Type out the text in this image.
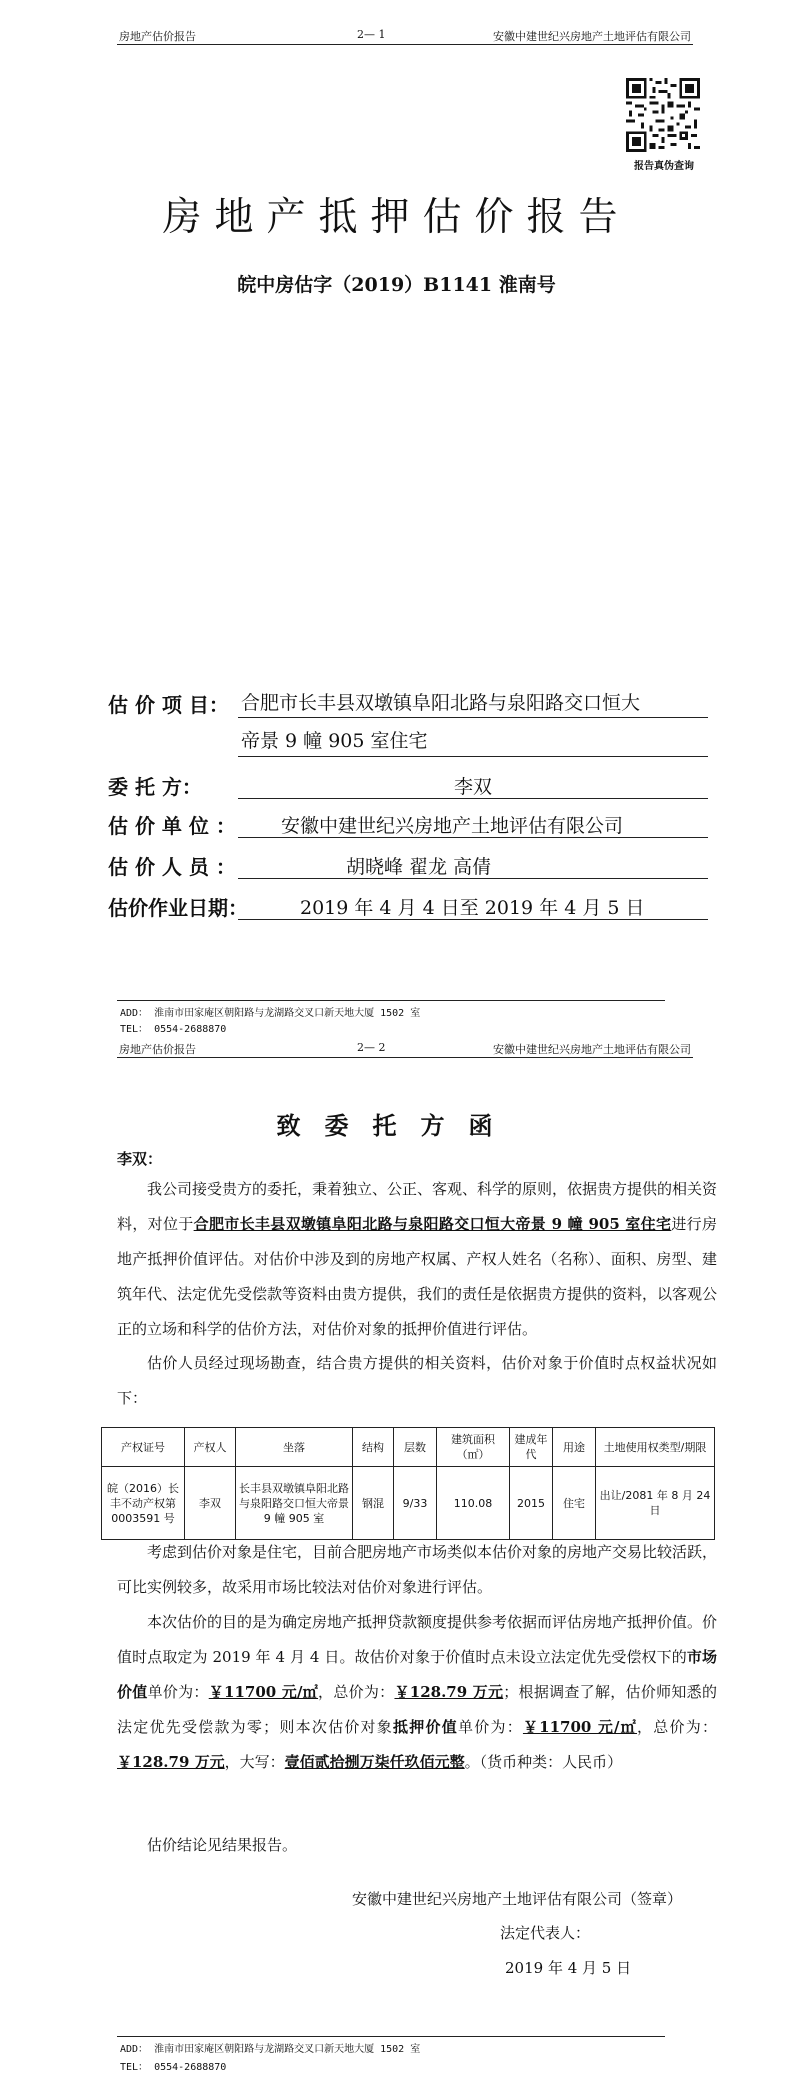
房地产估价报告	2— 1	安徽中建世纪兴房地产土地评估有限公司
报告真伪查询
房地产抵押估价报告
皖中房估字（2019）B1141 淮南号
估 价 项 目： 合肥市长丰县双墩镇阜阳北路与泉阳路交口恒大
帝景 9 幢 905 室住宅
委 托 方：	李双
估 价 单 位 ： 安徽中建世纪兴房地产土地评估有限公司
估 价 人 员 ：	胡晓峰 翟龙 高倩
估价作业日期：	2019 年 4 月 4 日至 2019 年 4 月 5 日
ADD： 淮南市田家庵区朝阳路与龙湖路交叉口新天地大厦 1502 室
TEL： 0554-2688870
房地产估价报告	2— 2	安徽中建世纪兴房地产土地评估有限公司
致委托方函
李双：
我公司接受贵方的委托，秉着独立、公正、客观、科学的原则，依据贵方提供的相关资料，对位于合肥市长丰县双墩镇阜阳北路与泉阳路交口恒大帝景 9 幢 905 室住宅进行房地产抵押价值评估。对估价中涉及到的房地产权属、产权人姓名（名称）、面积、房型、建筑年代、法定优先受偿款等资料由贵方提供，我们的责任是依据贵方提供的资料，以客观公正的立场和科学的估价方法，对估价对象的抵押价值进行评估。
估价人员经过现场勘查，结合贵方提供的相关资料，估价对象于价值时点权益状况如下：
产权证号	产权人	坐落	结构	层数	建筑面积（㎡）	建成年代	用途	土地使用权类型/期限
皖（2016）长丰不动产权第 0003591 号	李双	长丰县双墩镇阜阳北路与泉阳路交口恒大帝景 9 幢 905 室	钢混	9/33	110.08	2015	住宅	出让/2081 年 8 月 24 日
考虑到估价对象是住宅，目前合肥房地产市场类似本估价对象的房地产交易比较活跃，可比实例较多，故采用市场比较法对估价对象进行评估。
本次估价的目的是为确定房地产抵押贷款额度提供参考依据而评估房地产抵押价值。价值时点取定为 2019 年 4 月 4 日。故估价对象于价值时点未设立法定优先受偿权下的市场价值单价为：￥11700 元/㎡，总价为：￥128.79 万元；根据调查了解，估价师知悉的法定优先受偿款为零；则本次估价对象抵押价值单价为：￥11700 元/㎡，总价为：￥128.79 万元，大写：壹佰贰拾捌万柒仟玖佰元整。（货币种类：人民币）
估价结论见结果报告。
安徽中建世纪兴房地产土地评估有限公司（签章）
法定代表人：
2019 年 4 月 5 日
ADD： 淮南市田家庵区朝阳路与龙湖路交叉口新天地大厦 1502 室
TEL： 0554-2688870
